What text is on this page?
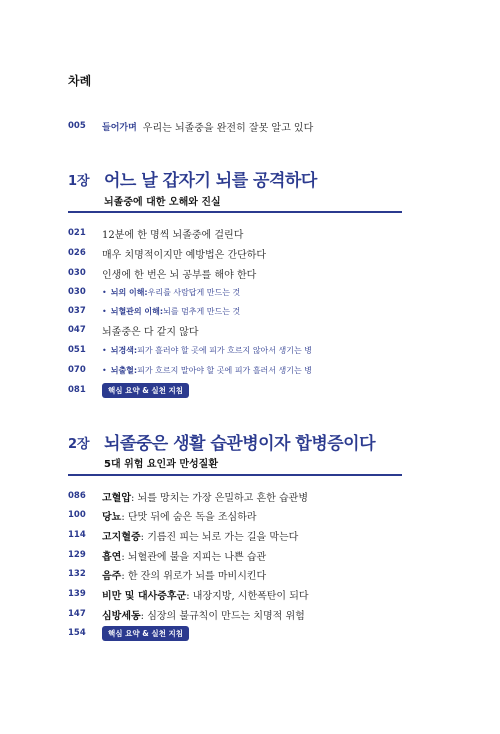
차례
005	들어가며 우리는 뇌졸중을 완전히 잘못 알고 있다
1장 어느 날 갑자기 뇌를 공격하다
뇌졸중에 대한 오해와 진실
021	12분에 한 명씩 뇌졸중에 걸린다
026	매우 치명적이지만 예방법은 간단하다
030	인생에 한 번은 뇌 공부를 해야 한다
030	• 뇌의 이해: 우리를 사람답게 만드는 것
037	• 뇌혈관의 이해: 뇌를 멈추게 만드는 것
047	뇌졸중은 다 같지 않다
051	• 뇌경색: 피가 흘러야 할 곳에 피가 흐르지 않아서 생기는 병
070	• 뇌출혈: 피가 흐르지 말아야 할 곳에 피가 흘러서 생기는 병
081	핵심 요약 & 실천 지침
2장 뇌졸중은 생활 습관병이자 합병증이다
5대 위험 요인과 만성질환
086	고혈압 : 뇌를 망치는 가장 은밀하고 흔한 습관병
100	당뇨 : 단맛 뒤에 숨은 독을 조심하라
114	고지혈증 : 기름진 피는 뇌로 가는 길을 막는다
129	흡연 : 뇌혈관에 불을 지피는 나쁜 습관
132	음주 : 한 잔의 위로가 뇌를 마비시킨다
139	비만 및 대사증후군 : 내장지방, 시한폭탄이 되다
147	심방세동 : 심장의 불규칙이 만드는 치명적 위험
154	핵심 요약 & 실천 지침
